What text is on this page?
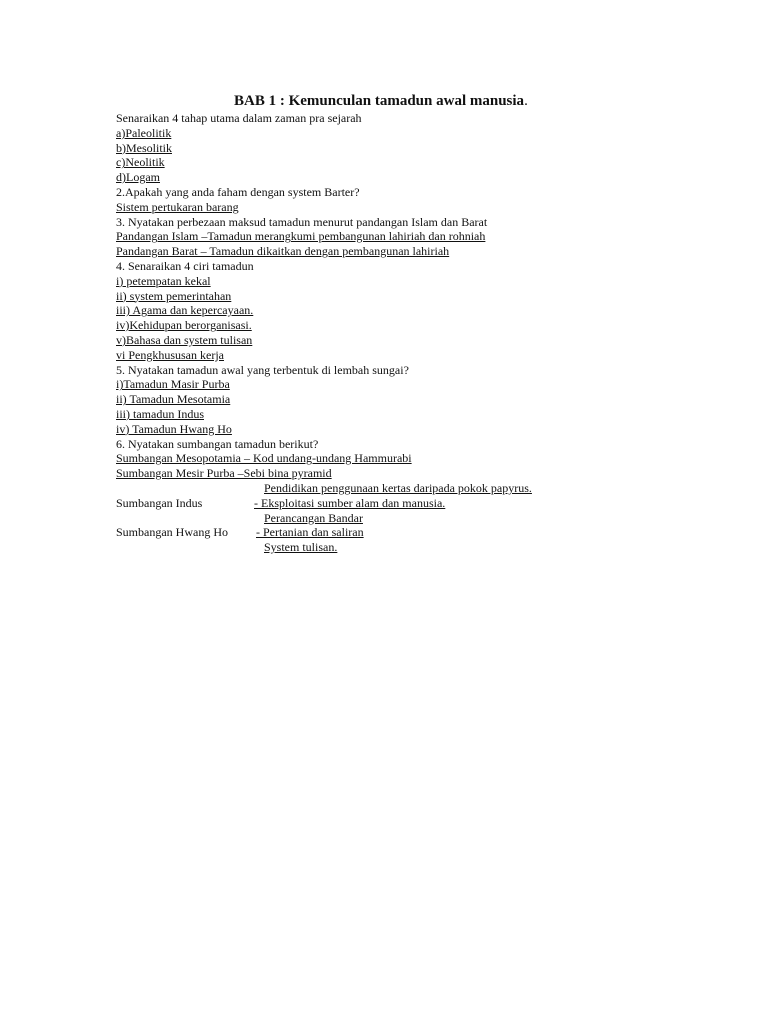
BAB 1 : Kemunculan tamadun awal manusia.
Senaraikan 4 tahap utama dalam zaman pra sejarah
a)Paleolitik
b)Mesolitik
c)Neolitik
d)Logam
2.Apakah yang anda faham dengan system Barter?
Sistem pertukaran barang
3. Nyatakan perbezaan maksud tamadun menurut pandangan Islam dan Barat
Pandangan Islam –Tamadun merangkumi pembangunan lahiriah dan rohniah
Pandangan Barat – Tamadun dikaitkan dengan pembangunan lahiriah
4. Senaraikan 4 ciri tamadun
i) petempatan kekal
ii) system pemerintahan
iii) Agama dan kepercayaan.
iv)Kehidupan berorganisasi.
v)Bahasa dan system tulisan
vi Pengkhususan kerja
5. Nyatakan tamadun awal yang terbentuk di lembah sungai?
i)Tamadun Masir Purba
ii) Tamadun Mesotamia
iii) tamadun Indus
iv) Tamadun Hwang Ho
6. Nyatakan sumbangan tamadun berikut?
Sumbangan Mesopotamia – Kod undang-undang Hammurabi
Sumbangan Mesir Purba –Sebi bina pyramid
Pendidikan penggunaan kertas daripada pokok papyrus.
Sumbangan Indus	- Eksploitasi sumber alam dan manusia.
Perancangan Bandar
Sumbangan Hwang Ho - Pertanian dan saliran
System tulisan.
